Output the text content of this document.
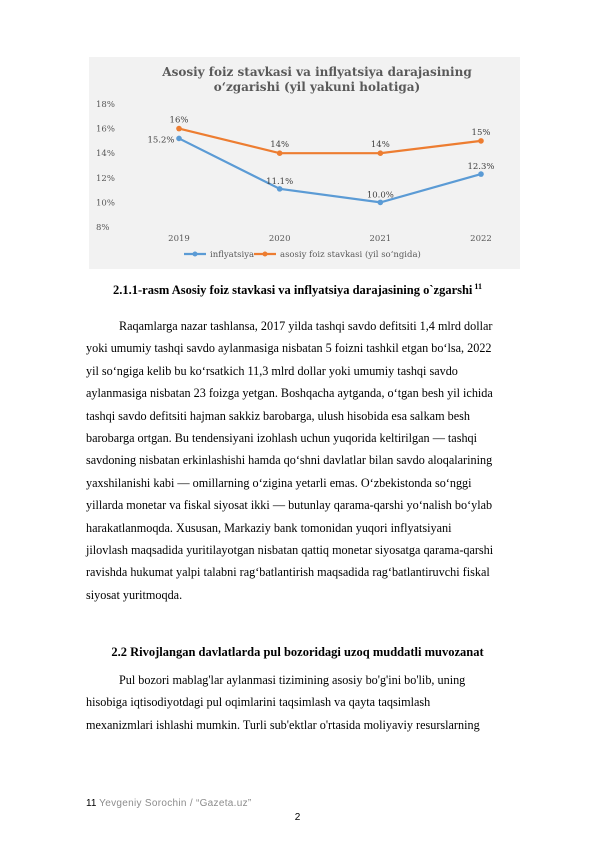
Asosiy foiz stavkasi va inflyatsiya darajasining
o‘zgarishi (yil yakuni holatiga)
18%
16%
14%
12%
10%
8%
2019	2020	2021	2022
15.2%
11.1%
10.0%
12.3%
16%
14%	14%
15%
inflyatsiya	asosiy foiz stavkasi (yil so‘ngida)
2.1.1-rasm Asosiy foiz stavkasi va inflyatsiya darajasining o`zgarshi $^{11}$
Raqamlarga nazar tashlansa, 2017 yilda tashqi savdo defitsiti 1,4 mlrd dollar
yoki umumiy tashqi savdo aylanmasiga nisbatan 5 foizni tashkil etgan bo‘lsa, 2022
yil so‘ngiga kelib bu ko‘rsatkich 11,3 mlrd dollar yoki umumiy tashqi savdo
aylanmasiga nisbatan 23 foizga yetgan. Boshqacha aytganda, o‘tgan besh yil ichida
tashqi savdo defitsiti hajman sakkiz barobarga, ulush hisobida esa salkam besh
barobarga ortgan. Bu tendensiyani izohlash uchun yuqorida keltirilgan — tashqi
savdoning nisbatan erkinlashishi hamda qo‘shni davlatlar bilan savdo aloqalarining
yaxshilanishi kabi — omillarning o‘zigina yetarli emas. O‘zbekistonda so‘nggi
yillarda monetar va fiskal siyosat ikki — butunlay qarama-qarshi yo‘nalish bo‘ylab
harakatlanmoqda. Xususan, Markaziy bank tomonidan yuqori inflyatsiyani
jilovlash maqsadida yuritilayotgan nisbatan qattiq monetar siyosatga qarama-qarshi
ravishda hukumat yalpi talabni rag‘batlantirish maqsadida rag‘batlantiruvchi fiskal
siyosat yuritmoqda.
2.2 Rivojlangan davlatlarda pul bozoridagi uzoq muddatli muvozanat
Pul bozori mablag'lar aylanmasi tizimining asosiy bo'g'ini bo'lib, uning
hisobiga iqtisodiyotdagi pul oqimlarini taqsimlash va qayta taqsimlash
mexanizmlari ishlashi mumkin. Turli sub'ektlar o'rtasida moliyaviy resurslarning
11 Yevgeniy Sorochin / “Gazeta.uz”
2
